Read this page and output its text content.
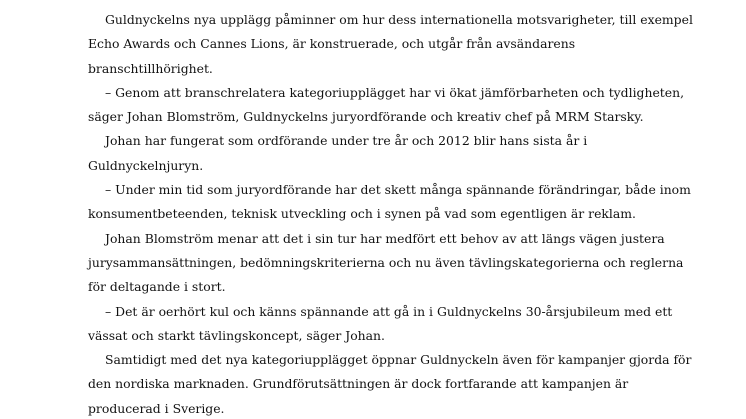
Guldnyckelns nya upplägg påminner om hur dess internationella motsvarigheter, till exempel
Echo Awards och Cannes Lions, är konstruerade, och utgår från avsändarens
branschtillhörighet.
– Genom att branschrelatera kategoriupplägget har vi ökat jämförbarheten och tydligheten,
säger Johan Blomström, Guldnyckelns juryordförande och kreativ chef på MRM Starsky.
Johan har fungerat som ordförande under tre år och 2012 blir hans sista år i
Guldnyckelnjuryn.
– Under min tid som juryordförande har det skett många spännande förändringar, både inom
konsumentbeteenden, teknisk utveckling och i synen på vad som egentligen är reklam.
Johan Blomström menar att det i sin tur har medfört ett behov av att längs vägen justera
jurysammansättningen, bedömningskriterierna och nu även tävlingskategorierna och reglerna
för deltagande i stort.
– Det är oerhört kul och känns spännande att gå in i Guldnyckelns 30-årsjubileum med ett
vässat och starkt tävlingskoncept, säger Johan.
Samtidigt med det nya kategoriupplägget öppnar Guldnyckeln även för kampanjer gjorda för
den nordiska marknaden. Grundförutsättningen är dock fortfarande att kampanjen är
producerad i Sverige.
